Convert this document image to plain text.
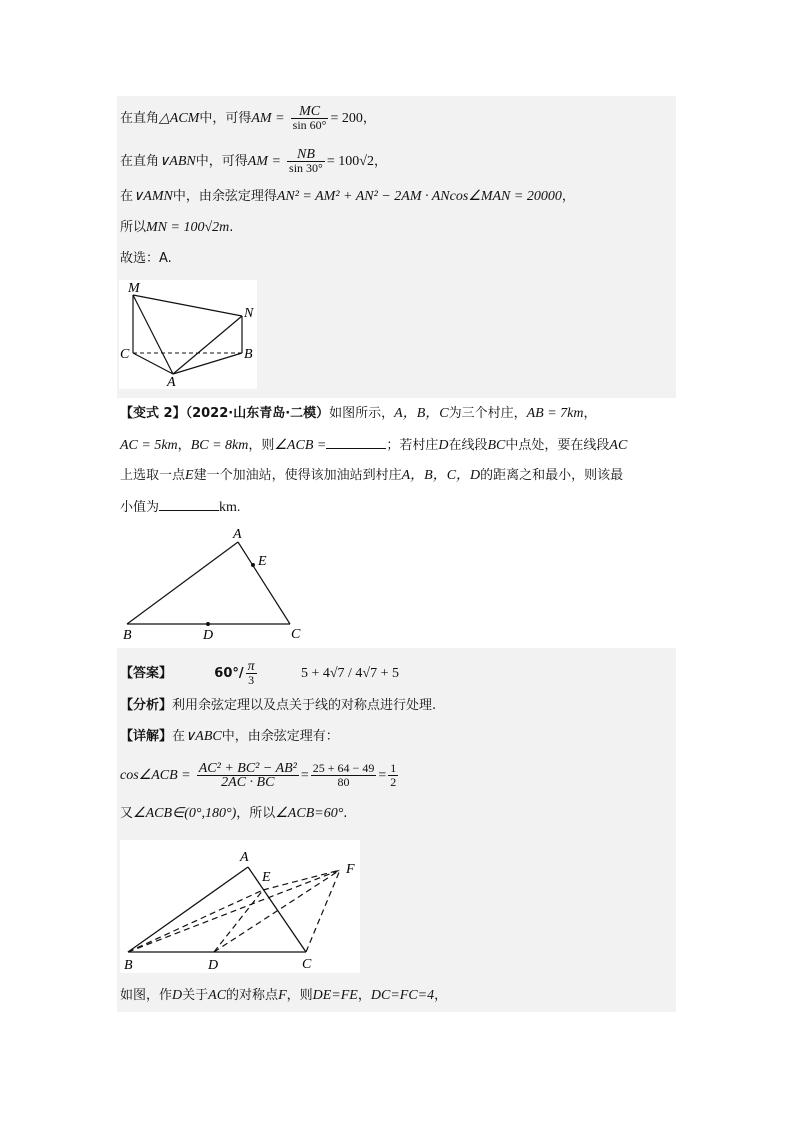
在直角△ACM中，可得AM = $\frac{MC}{\sin 60^\circ} = 200$，
在直角∨ABN中，可得AM = $\frac{NB}{\sin 30^\circ} = 100√2$，
在∨AMN中，由余弦定理得AN² = AM² + AN² − 2AM · ANcos∠MAN = 20000，
所以MN = 100√2m.
故选：A.
M
N
C	B
A
【变式 2】（2022·山东青岛·二模）如图所示，A，B，C为三个村庄，AB = 7km，
AC = 5km，BC = 8km，则∠ACB =	；若村庄D在线段BC中点处，要在线段AC
上选取一点E建一个加油站，使得该加油站到村庄A，B，C，D的距离之和最小，则该最
小值为	km.
A
E
B	D	C
【答案】	$60^\circ/ \frac{\pi}{3}$	5 + 4√7 / 4√7 + 5
【分析】利用余弦定理以及点关于线的对称点进行处理.
【详解】在∨ABC中，由余弦定理有：
cos∠ACB = $\frac{\text{AC² + BC² − AB²}}{2AC \cdot BC} = \frac{25 + 64 - 49}{80} = \frac{1}{2}$
又∠ACB∈(0°,180°)，所以∠ACB=60°.
A
E
F
B	D	C
如图，作D关于AC的对称点F，则DE=FE，DC=FC=4，
